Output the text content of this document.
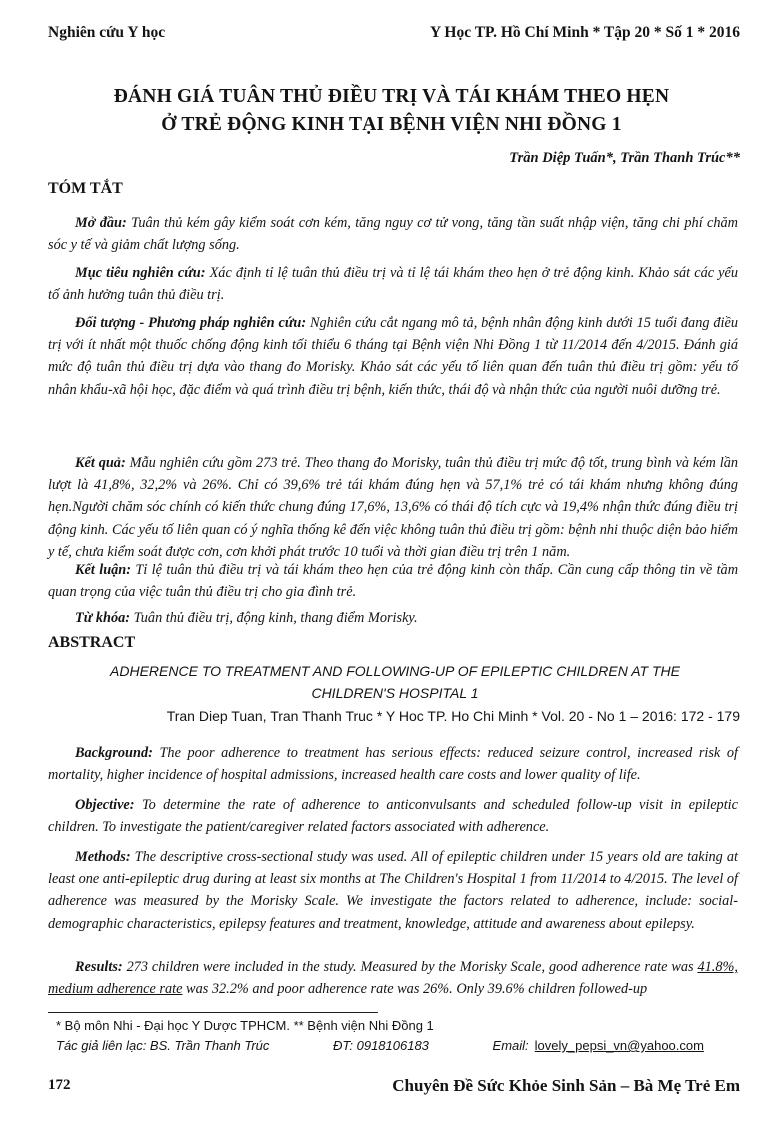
Nghiên cứu Y học	Y Học TP. Hồ Chí Minh * Tập 20 * Số 1 * 2016
ĐÁNH GIÁ TUÂN THỦ ĐIỀU TRỊ VÀ TÁI KHÁM THEO HẸN
Ở TRẺ ĐỘNG KINH TẠI BỆNH VIỆN NHI ĐỒNG 1
Trần Diệp Tuấn*, Trần Thanh Trúc**
TÓM TẮT

Mở đầu: Tuân thủ kém gây kiểm soát cơn kém, tăng nguy cơ tử vong, tăng tần suất nhập viện, tăng chi phí chăm sóc y tế và giảm chất lượng sống.

Mục tiêu nghiên cứu: Xác định tỉ lệ tuân thủ điều trị và tỉ lệ tái khám theo hẹn ở trẻ động kinh. Khảo sát các yếu tố ảnh hưởng tuân thủ điều trị.

Đối tượng - Phương pháp nghiên cứu: Nghiên cứu cắt ngang mô tả, bệnh nhân động kinh dưới 15 tuổi đang điều trị với ít nhất một thuốc chống động kinh tối thiểu 6 tháng tại Bệnh viện Nhi Đồng 1 từ 11/2014 đến 4/2015. Đánh giá mức độ tuân thủ điều trị dựa vào thang đo Morisky. Khảo sát các yếu tố liên quan đến tuân thủ điều trị gồm: yếu tố nhân khẩu-xã hội học, đặc điểm và quá trình điều trị bệnh, kiến thức, thái độ và nhận thức của người nuôi dưỡng trẻ.

Kết quả: Mẫu nghiên cứu gồm 273 trẻ. Theo thang đo Morisky, tuân thủ điều trị mức độ tốt, trung bình và kém lần lượt là 41,8%, 32,2% và 26%. Chỉ có 39,6% trẻ tái khám đúng hẹn và 57,1% trẻ có tái khám nhưng không đúng hẹn.Người chăm sóc chính có kiến thức chung đúng 17,6%, 13,6% có thái độ tích cực và 19,4% nhận thức đúng điều trị động kinh. Các yếu tố liên quan có ý nghĩa thống kê đến việc không tuân thủ điều trị gồm: bệnh nhi thuộc diện bảo hiểm y tế, chưa kiểm soát được cơn, cơn khởi phát trước 10 tuổi và thời gian điều trị trên 1 năm.

Kết luận: Tỉ lệ tuân thủ điều trị và tái khám theo hẹn của trẻ động kinh còn thấp. Cần cung cấp thông tin về tầm quan trọng của việc tuân thủ điều trị cho gia đình trẻ.

Từ khóa: Tuân thủ điều trị, động kinh, thang điểm Morisky.

ABSTRACT
ADHERENCE TO TREATMENT AND FOLLOWING-UP OF EPILEPTIC CHILDREN AT THE
CHILDREN'S HOSPITAL 1
Tran Diep Tuan, Tran Thanh Truc * Y Hoc TP. Ho Chi Minh * Vol. 20 - No 1 – 2016: 172 - 179

Background: The poor adherence to treatment has serious effects: reduced seizure control, increased risk of mortality, higher incidence of hospital admissions, increased health care costs and lower quality of life.

Objective: To determine the rate of adherence to anticonvulsants and scheduled follow-up visit in epileptic children. To investigate the patient/caregiver related factors associated with adherence.

Methods: The descriptive cross-sectional study was used. All of epileptic children under 15 years old are taking at least one anti-epileptic drug during at least six months at The Children's Hospital 1 from 11/2014 to 4/2015. The level of adherence was measured by the Morisky Scale. We investigate the factors related to adherence, include: social-demographic characteristics, epilepsy features and treatment, knowledge, attitude and awareness about epilepsy.

Results: 273 children were included in the study. Measured by the Morisky Scale, good adherence rate was 41.8%, medium adherence rate was 32.2% and poor adherence rate was 26%. Only 39.6% children followed-up

* Bộ môn Nhi - Đại học Y Dược TPHCM. ** Bệnh viện Nhi Đồng 1
Tác giả liên lạc: BS. Trần Thanh Trúc	ĐT: 0918106183	Email: lovely_pepsi_vn@yahoo.com
172	Chuyên Đề Sức Khỏe Sinh Sản – Bà Mẹ Trẻ Em
